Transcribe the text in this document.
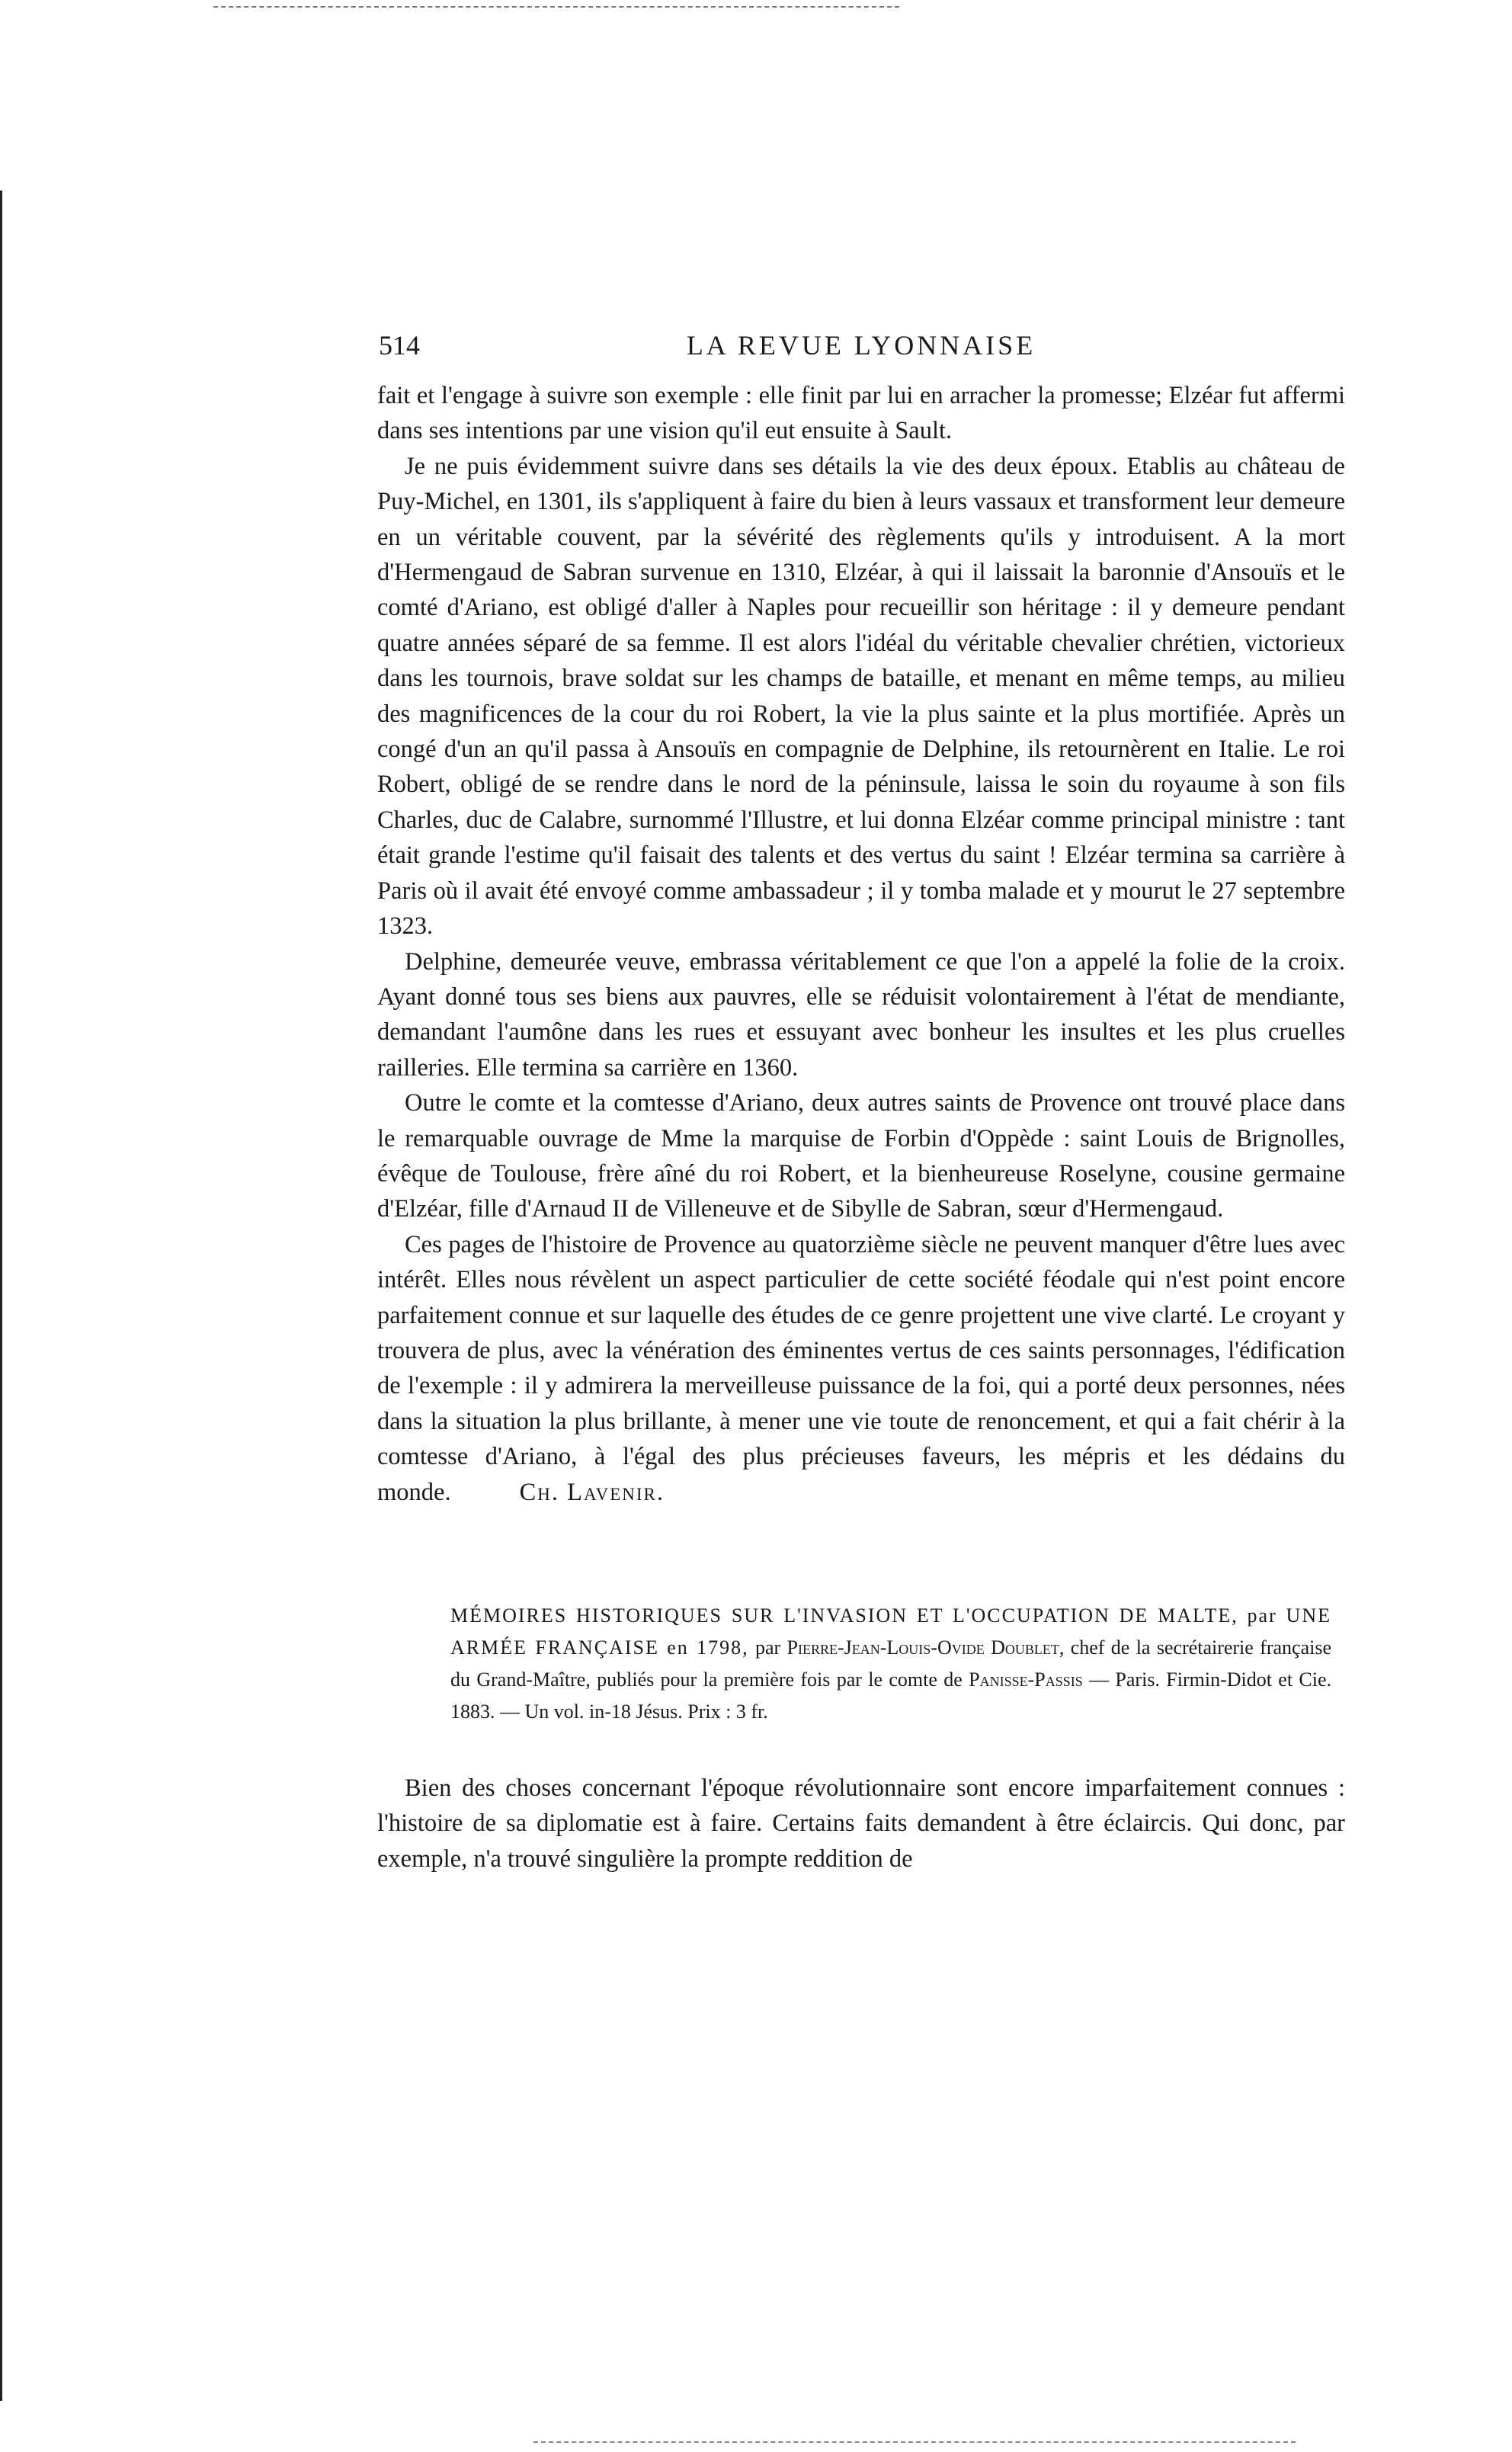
514	LA REVUE LYONNAISE

fait et l'engage à suivre son exemple : elle finit par lui en arracher la promesse; Elzéar fut affermi dans ses intentions par une vision qu'il eut ensuite à Sault.

Je ne puis évidemment suivre dans ses détails la vie des deux époux. Etablis au château de Puy-Michel, en 1301, ils s'appliquent à faire du bien à leurs vassaux et transforment leur demeure en un véritable couvent, par la sévérité des règlements qu'ils y introduisent. A la mort d'Hermengaud de Sabran survenue en 1310, Elzéar, à qui il laissait la baronnie d'Ansouïs et le comté d'Ariano, est obligé d'aller à Naples pour recueillir son héritage : il y demeure pendant quatre années séparé de sa femme. Il est alors l'idéal du véritable chevalier chrétien, victorieux dans les tournois, brave soldat sur les champs de bataille, et menant en même temps, au milieu des magnificences de la cour du roi Robert, la vie la plus sainte et la plus mortifiée. Après un congé d'un an qu'il passa à Ansouïs en compagnie de Delphine, ils retournèrent en Italie. Le roi Robert, obligé de se rendre dans le nord de la péninsule, laissa le soin du royaume à son fils Charles, duc de Calabre, surnommé l'Illustre, et lui donna Elzéar comme principal ministre : tant était grande l'estime qu'il faisait des talents et des vertus du saint ! Elzéar termina sa carrière à Paris où il avait été envoyé comme ambassadeur ; il y tomba malade et y mourut le 27 septembre 1323.

Delphine, demeurée veuve, embrassa véritablement ce que l'on a appelé la folie de la croix. Ayant donné tous ses biens aux pauvres, elle se réduisit volontairement à l'état de mendiante, demandant l'aumône dans les rues et essuyant avec bonheur les insultes et les plus cruelles railleries. Elle termina sa carrière en 1360.

Outre le comte et la comtesse d'Ariano, deux autres saints de Provence ont trouvé place dans le remarquable ouvrage de Mme la marquise de Forbin d'Oppède : saint Louis de Brignolles, évêque de Toulouse, frère aîné du roi Robert, et la bienheureuse Roselyne, cousine germaine d'Elzéar, fille d'Arnaud II de Villeneuve et de Sibylle de Sabran, sœur d'Hermengaud.

Ces pages de l'histoire de Provence au quatorzième siècle ne peuvent manquer d'être lues avec intérêt. Elles nous révèlent un aspect particulier de cette société féodale qui n'est point encore parfaitement connue et sur laquelle des études de ce genre projettent une vive clarté. Le croyant y trouvera de plus, avec la vénération des éminentes vertus de ces saints personnages, l'édification de l'exemple : il y admirera la merveilleuse puissance de la foi, qui a porté deux personnes, nées dans la situation la plus brillante, à mener une vie toute de renoncement, et qui a fait chérir à la comtesse d'Ariano, à l'égal des plus précieuses faveurs, les mépris et les dédains du monde.	Ch. Lavenir.

MÉMOIRES HISTORIQUES SUR L'INVASION ET L'OCCUPATION DE MALTE, par UNE ARMÉE FRANÇAISE en 1798, par Pierre-Jean-Louis-Ovide Doublet, chef de la secrétairerie française du Grand-Maître, publiés pour la première fois par le comte de Panisse-Passis — Paris. Firmin-Didot et Cie. 1883. — Un vol. in-18 Jésus. Prix : 3 fr.

Bien des choses concernant l'époque révolutionnaire sont encore imparfaitement connues : l'histoire de sa diplomatie est à faire. Certains faits demandent à être éclaircis. Qui donc, par exemple, n'a trouvé singulière la prompte reddition de
